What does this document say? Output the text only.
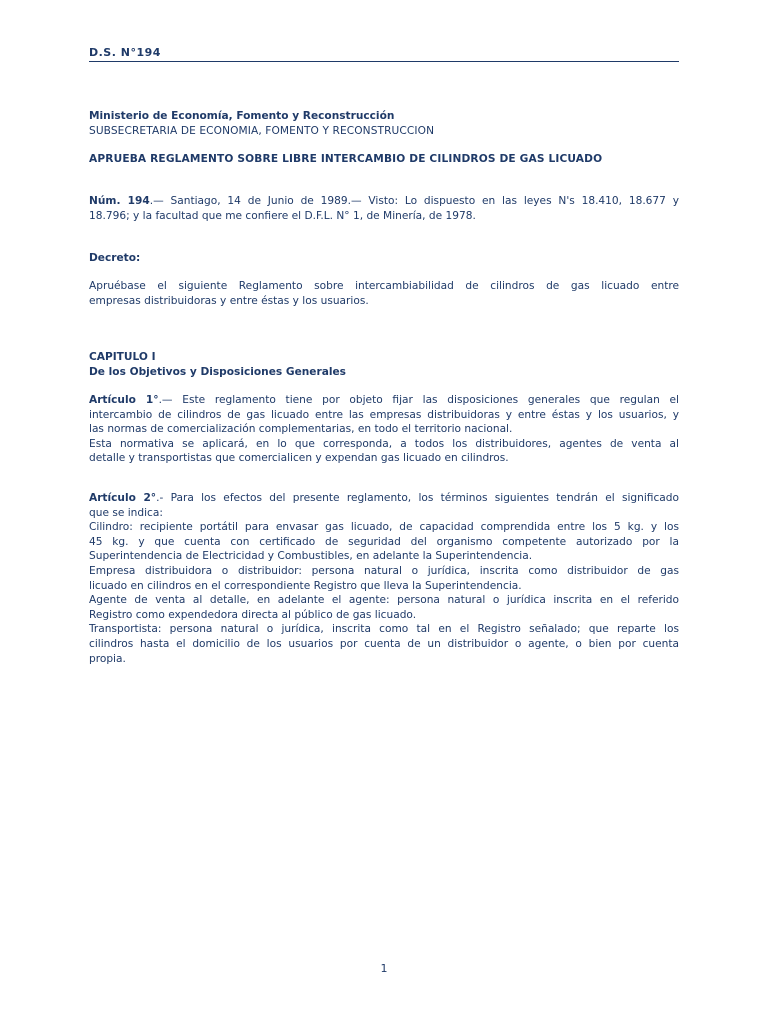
D.S. N°194
Ministerio de Economía, Fomento y Reconstrucción
SUBSECRETARIA DE ECONOMIA, FOMENTO Y RECONSTRUCCION
APRUEBA REGLAMENTO SOBRE LIBRE INTERCAMBIO DE CILINDROS DE GAS LICUADO
Núm. 194.— Santiago, 14 de Junio de 1989.— Visto: Lo dispuesto en las leyes N's 18.410, 18.677 y
18.796; y la facultad que me confiere el D.F.L. N° 1, de Minería, de 1978.
Decreto:
Apruébase el siguiente Reglamento sobre intercambiabilidad de cilindros de gas licuado entre
empresas distribuidoras y entre éstas y los usuarios.
CAPITULO I
De los Objetivos y Disposiciones Generales
Artículo 1°.— Este reglamento tiene por objeto fijar las disposiciones generales que regulan el
intercambio de cilindros de gas licuado entre las empresas distribuidoras y entre éstas y los usuarios, y
las normas de comercialización complementarias, en todo el territorio nacional.
Esta normativa se aplicará, en lo que corresponda, a todos los distribuidores, agentes de venta al
detalle y transportistas que comercialicen y expendan gas licuado en cilindros.
Artículo 2°.- Para los efectos del presente reglamento, los términos siguientes tendrán el significado
que se indica:
Cilindro: recipiente portátil para envasar gas licuado, de capacidad comprendida entre los 5 kg. y los
45 kg. y que cuenta con certificado de seguridad del organismo competente autorizado por la
Superintendencia de Electricidad y Combustibles, en adelante la Superintendencia.
Empresa distribuidora o distribuidor: persona natural o jurídica, inscrita como distribuidor de gas
licuado en cilindros en el correspondiente Registro que lleva la Superintendencia.
Agente de venta al detalle, en adelante el agente: persona natural o jurídica inscrita en el referido
Registro como expendedora directa al público de gas licuado.
Transportista: persona natural o jurídica, inscrita como tal en el Registro señalado; que reparte los
cilindros hasta el domicilio de los usuarios por cuenta de un distribuidor o agente, o bien por cuenta
propia.
1
